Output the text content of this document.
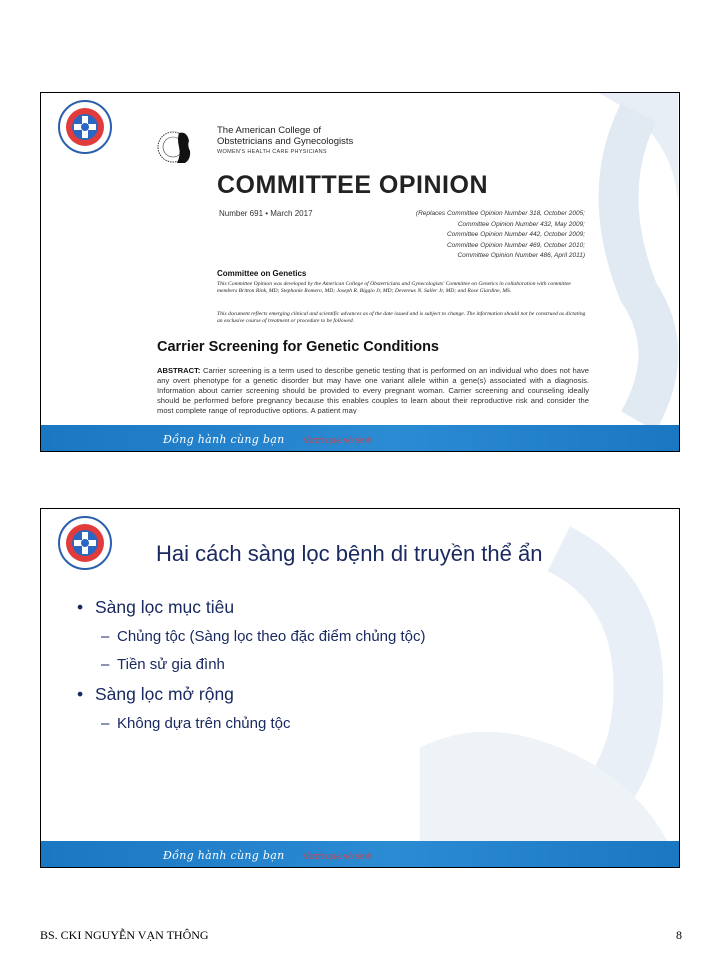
The American College of
Obstetricians and Gynecologists
WOMEN'S HEALTH CARE PHYSICIANS
COMMITTEE OPINION
Number 691 • March 2017	(Replaces Committee Opinion Number 318, October 2005;
Committee Opinion Number 432, May 2009;
Committee Opinion Number 442, October 2009;
Committee Opinion Number 469, October 2010;
Committee Opinion Number 486, April 2011)
Committee on Genetics
This Committee Opinion was developed by the American College of Obstetricians and Gynecologists' Committee on Genetics in collaboration with committee members Britton Rink, MD; Stephanie Romero, MD; Joseph R. Biggio Jr, MD; Devereux N. Saller Jr, MD; and Rose Giardine, MS.
This document reflects emerging clinical and scientific advances as of the date issued and is subject to change. The information should not be construed as dictating an exclusive course of treatment or procedure to be followed.
Carrier Screening for Genetic Conditions
ABSTRACT: Carrier screening is a term used to describe genetic testing that is performed on an individual who does not have any overt phenotype for a genetic disorder but may have one variant allele within a gene(s) associated with a diagnosis. Information about carrier screening should be provided to every pregnant woman. Carrier screening and counseling ideally should be performed before pregnancy because this enables couples to learn about their reproductive risk and consider the most complete range of reproductive options. A patient may
Đồng hành cùng bạn Vượt qua vô sinh
Hai cách sàng lọc bệnh di truyền thể ẩn
• Sàng lọc mục tiêu
– Chủng tộc (Sàng lọc theo đặc điểm chủng tộc)
– Tiền sử gia đình
• Sàng lọc mở rộng
– Không dựa trên chủng tộc
Đồng hành cùng bạn Vượt qua vô sinh
BS. CKI NGUYỄN VẠN THÔNG	8
